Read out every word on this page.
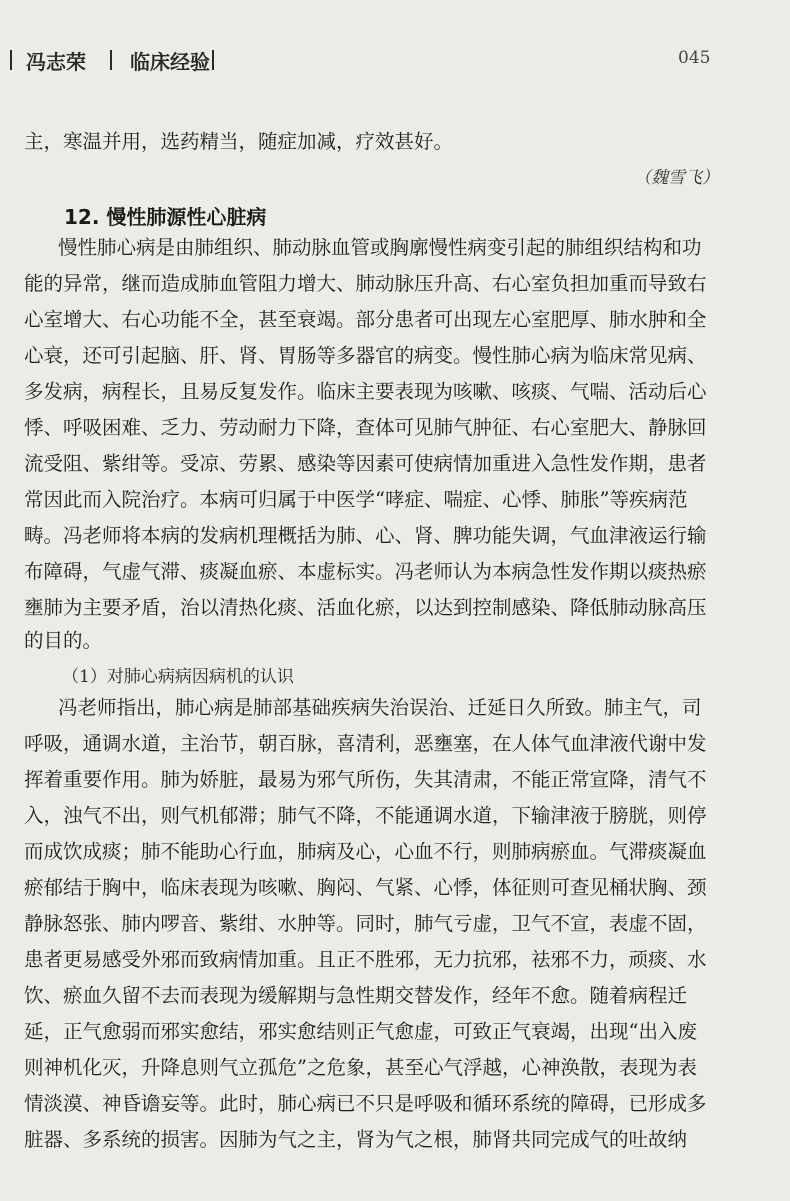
冯志荣 临床经验	045
主，寒温并用，选药精当，随症加减，疗效甚好。
（魏雪飞）
12. 慢性肺源性心脏病
慢性肺心病是由肺组织、肺动脉血管或胸廓慢性病变引起的肺组织结构和功
能的异常，继而造成肺血管阻力增大、肺动脉压升高、右心室负担加重而导致右
心室增大、右心功能不全，甚至衰竭。部分患者可出现左心室肥厚、肺水肿和全
心衰，还可引起脑、肝、肾、胃肠等多器官的病变。慢性肺心病为临床常见病、
多发病，病程长，且易反复发作。临床主要表现为咳嗽、咳痰、气喘、活动后心
悸、呼吸困难、乏力、劳动耐力下降，查体可见肺气肿征、右心室肥大、静脉回
流受阻、紫绀等。受凉、劳累、感染等因素可使病情加重进入急性发作期，患者
常因此而入院治疗。本病可归属于中医学“哮症、喘症、心悸、肺胀”等疾病范
畴。冯老师将本病的发病机理概括为肺、心、肾、脾功能失调，气血津液运行输
布障碍，气虚气滞、痰凝血瘀、本虚标实。冯老师认为本病急性发作期以痰热瘀
壅肺为主要矛盾，治以清热化痰、活血化瘀，以达到控制感染、降低肺动脉高压
的目的。
（1）对肺心病病因病机的认识
冯老师指出，肺心病是肺部基础疾病失治误治、迁延日久所致。肺主气，司
呼吸，通调水道，主治节，朝百脉，喜清利，恶壅塞，在人体气血津液代谢中发
挥着重要作用。肺为娇脏，最易为邪气所伤，失其清肃，不能正常宣降，清气不
入，浊气不出，则气机郁滞；肺气不降，不能通调水道，下输津液于膀胱，则停
而成饮成痰；肺不能助心行血，肺病及心，心血不行，则肺病瘀血。气滞痰凝血
瘀郁结于胸中，临床表现为咳嗽、胸闷、气紧、心悸，体征则可查见桶状胸、颈
静脉怒张、肺内啰音、紫绀、水肿等。同时，肺气亏虚，卫气不宣，表虚不固，
患者更易感受外邪而致病情加重。且正不胜邪，无力抗邪，祛邪不力，顽痰、水
饮、瘀血久留不去而表现为缓解期与急性期交替发作，经年不愈。随着病程迁
延，正气愈弱而邪实愈结，邪实愈结则正气愈虚，可致正气衰竭，出现“出入废
则神机化灭，升降息则气立孤危”之危象，甚至心气浮越，心神涣散，表现为表
情淡漠、神昏谵妄等。此时，肺心病已不只是呼吸和循环系统的障碍，已形成多
脏器、多系统的损害。因肺为气之主，肾为气之根，肺肾共同完成气的吐故纳
